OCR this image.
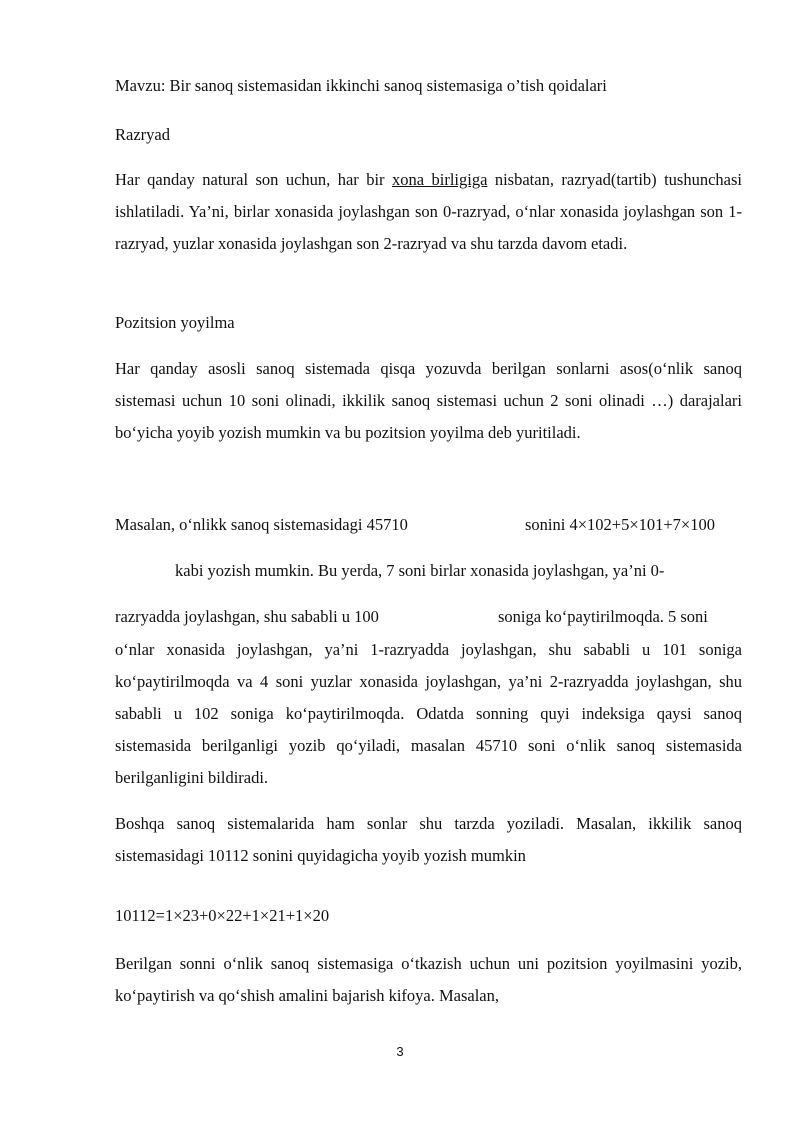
Mavzu: Bir sanoq sistemasidan ikkinchi sanoq sistemasiga o’tish qoidalari
Razryad

Har qanday natural son uchun, har bir xona birligiga nisbatan, razryad(tartib) tushunchasi ishlatiladi. Ya’ni, birlar xonasida joylashgan son 0-razryad, o‘nlar xonasida joylashgan son 1-razryad, yuzlar xonasida joylashgan son 2-razryad va shu tarzda davom etadi.

Pozitsion yoyilma

Har qanday asosli sanoq sistemada qisqa yozuvda berilgan sonlarni asos(o‘nlik sanoq sistemasi uchun 10 soni olinadi, ikkilik sanoq sistemasi uchun 2 soni olinadi …) darajalari bo‘yicha yoyib yozish mumkin va bu pozitsion yoyilma deb yuritiladi.

Masalan, o‘nlikk sanoq sistemasidagi 45710	sonini 4×102+5×101+7×100
kabi yozish mumkin. Bu yerda, 7 soni birlar xonasida joylashgan, ya’ni 0-
razryadda joylashgan, shu sababli u 100	soniga ko‘paytirilmoqda. 5 soni

o‘nlar xonasida joylashgan, ya’ni 1-razryadda joylashgan, shu sababli u 101 soniga ko‘paytirilmoqda va 4 soni yuzlar xonasida joylashgan, ya’ni 2-razryadda joylashgan, shu sababli u 102 soniga ko‘paytirilmoqda. Odatda sonning quyi indeksiga qaysi sanoq sistemasida berilganligi yozib qo‘yiladi, masalan 45710 soni o‘nlik sanoq sistemasida berilganligini bildiradi.

Boshqa sanoq sistemalarida ham sonlar shu tarzda yoziladi. Masalan, ikkilik sanoq sistemasidagi 10112 sonini quyidagicha yoyib yozish mumkin

10112=1×23+0×22+1×21+1×20

Berilgan sonni o‘nlik sanoq sistemasiga o‘tkazish uchun uni pozitsion yoyilmasini yozib, ko‘paytirish va qo‘shish amalini bajarish kifoya. Masalan,

3
